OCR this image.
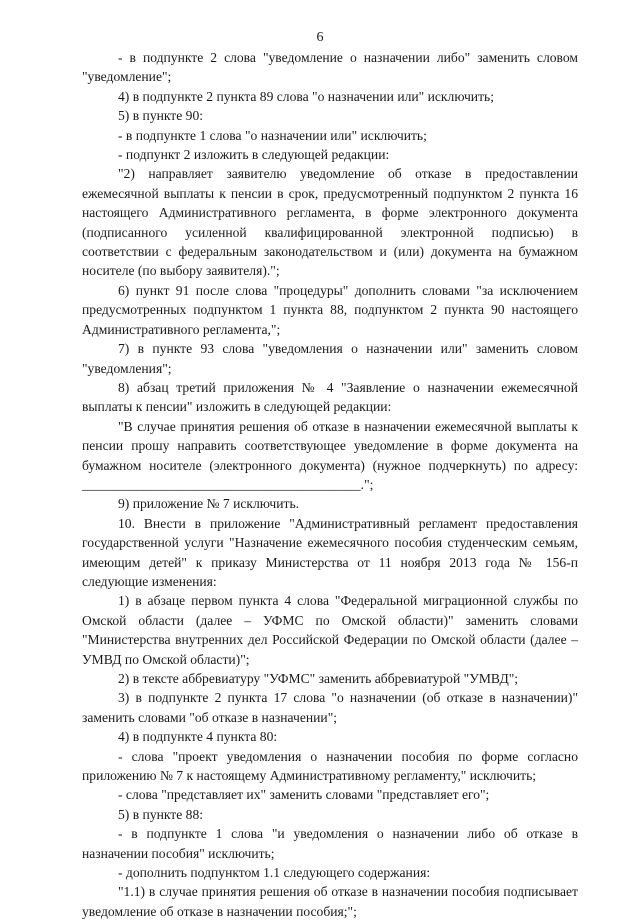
6

- в подпункте 2 слова "уведомление о назначении либо" заменить словом "уведомление";

4) в подпункте 2 пункта 89 слова "о назначении или" исключить;

5) в пункте 90:

- в подпункте 1 слова "о назначении или" исключить;

- подпункт 2 изложить в следующей редакции:

"2) направляет заявителю уведомление об отказе в предоставлении ежемесячной выплаты к пенсии в срок, предусмотренный подпунктом 2 пункта 16 настоящего Административного регламента, в форме электронного документа (подписанного усиленной квалифицированной электронной подписью) в соответствии с федеральным законодательством и (или) документа на бумажном носителе (по выбору заявителя).";

6) пункт 91 после слова "процедуры" дополнить словами "за исключением предусмотренных подпунктом 1 пункта 88, подпунктом 2 пункта 90 настоящего Административного регламента,";

7) в пункте 93 слова "уведомления о назначении или" заменить словом "уведомления";

8) абзац третий приложения № 4 "Заявление о назначении ежемесячной выплаты к пенсии" изложить в следующей редакции:

"В случае принятия решения об отказе в назначении ежемесячной выплаты к пенсии прошу направить соответствующее уведомление в форме документа на бумажном носителе (электронного документа) (нужное подчеркнуть) по адресу: _________________________________________.";

9) приложение № 7 исключить.

10. Внести в приложение "Административный регламент предоставления государственной услуги "Назначение ежемесячного пособия студенческим семьям, имеющим детей" к приказу Министерства от 11 ноября 2013 года № 156-п следующие изменения:

1) в абзаце первом пункта 4 слова "Федеральной миграционной службы по Омской области (далее – УФМС по Омской области)" заменить словами "Министерства внутренних дел Российской Федерации по Омской области (далее – УМВД по Омской области)";

2) в тексте аббревиатуру "УФМС" заменить аббревиатурой "УМВД";

3) в подпункте 2 пункта 17 слова "о назначении (об отказе в назначении)" заменить словами "об отказе в назначении";

4) в подпункте 4 пункта 80:

- слова "проект уведомления о назначении пособия по форме согласно приложению № 7 к настоящему Административному регламенту," исключить;

- слова "представляет их" заменить словами "представляет его";

5) в пункте 88:

- в подпункте 1 слова "и уведомления о назначении либо об отказе в назначении пособия" исключить;

- дополнить подпунктом 1.1 следующего содержания:

"1.1) в случае принятия решения об отказе в назначении пособия подписывает уведомление об отказе в назначении пособия;";
